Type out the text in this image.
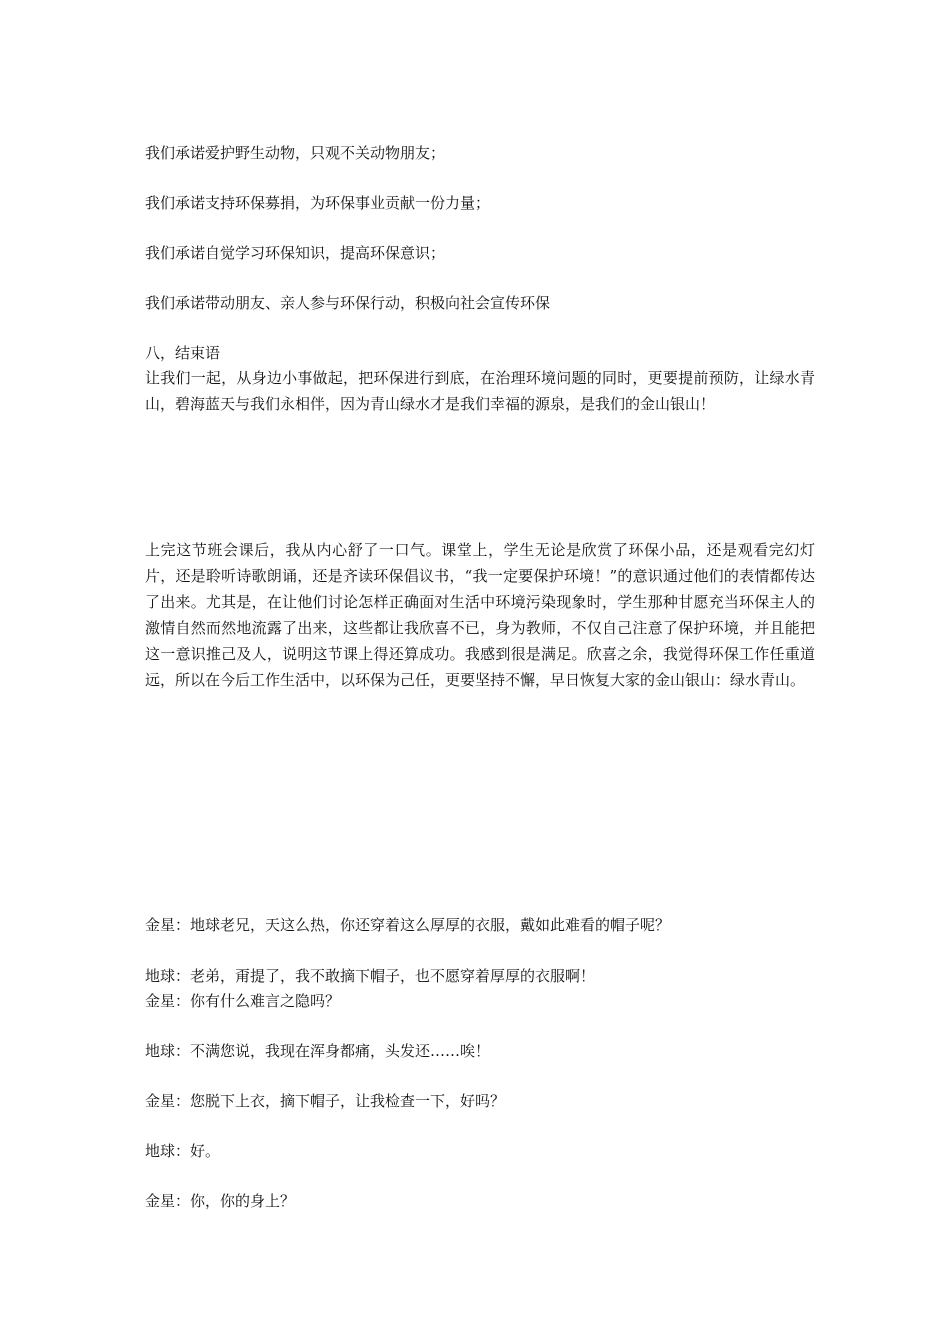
我们承诺爱护野生动物，只观不关动物朋友；

我们承诺支持环保募捐，为环保事业贡献一份力量；

我们承诺自觉学习环保知识，提高环保意识；

我们承诺带动朋友、亲人参与环保行动，积极向社会宣传环保

八，结束语

让我们一起，从身边小事做起，把环保进行到底，在治理环境问题的同时，更要提前预防，让绿水青山，碧海蓝天与我们永相伴，因为青山绿水才是我们幸福的源泉，是我们的金山银山！

上完这节班会课后，我从内心舒了一口气。课堂上，学生无论是欣赏了环保小品，还是观看完幻灯片，还是聆听诗歌朗诵，还是齐读环保倡议书，“我一定要保护环境！”的意识通过他们的表情都传达了出来。尤其是，在让他们讨论怎样正确面对生活中环境污染现象时，学生那种甘愿充当环保主人的激情自然而然地流露了出来，这些都让我欣喜不已，身为教师，不仅自己注意了保护环境，并且能把这一意识推己及人，说明这节课上得还算成功。我感到很是满足。欣喜之余，我觉得环保工作任重道远，所以在今后工作生活中，以环保为己任，更要坚持不懈，早日恢复大家的金山银山：绿水青山。

金星：地球老兄，天这么热，你还穿着这么厚厚的衣服，戴如此难看的帽子呢？

地球：老弟，甭提了，我不敢摘下帽子，也不愿穿着厚厚的衣服啊！

金星：你有什么难言之隐吗？

地球：不满您说，我现在浑身都痛，头发还……唉！

金星：您脱下上衣，摘下帽子，让我检查一下，好吗？

地球：好。

金星：你，你的身上？
